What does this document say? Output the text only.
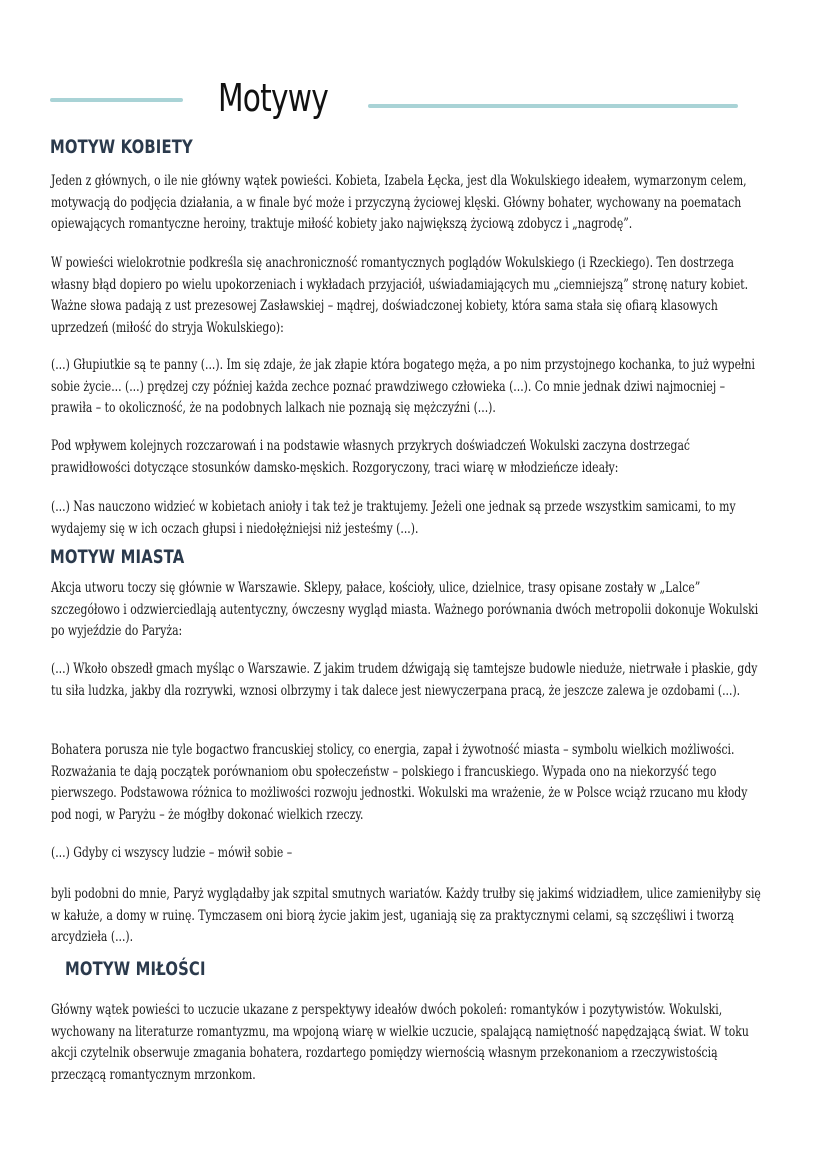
Motywy
MOTYW KOBIETY

Jeden z głównych, o ile nie główny wątek powieści. Kobieta, Izabela Łęcka, jest dla Wokulskiego ideałem, wymarzonym celem, motywacją do podjęcia działania, a w finale być może i przyczyną życiowej klęski. Główny bohater, wychowany na poematach opiewających romantyczne heroiny, traktuje miłość kobiety jako największą życiową zdobycz i „nagrodę”.

W powieści wielokrotnie podkreśla się anachroniczność romantycznych poglądów Wokulskiego (i Rzeckiego). Ten dostrzega własny błąd dopiero po wielu upokorzeniach i wykładach przyjaciół, uświadamiających mu „ciemniejszą” stronę natury kobiet. Ważne słowa padają z ust prezesowej Zasławskiej – mądrej, doświadczonej kobiety, która sama stała się ofiarą klasowych uprzedzeń (miłość do stryja Wokulskiego):

(...) Głupiutkie są te panny (...). Im się zdaje, że jak złapie która bogatego męża, a po nim przystojnego kochanka, to już wypełni sobie życie... (...) prędzej czy później każda zechce poznać prawdziwego człowieka (...). Co mnie jednak dziwi najmocniej – prawiła – to okoliczność, że na podobnych lalkach nie poznają się mężczyźni (...).

Pod wpływem kolejnych rozczarowań i na podstawie własnych przykrych doświadczeń Wokulski zaczyna dostrzegać prawidłowości dotyczące stosunków damsko-męskich. Rozgoryczony, traci wiarę w młodzieńcze ideały:

(...) Nas nauczono widzieć w kobietach anioły i tak też je traktujemy. Jeżeli one jednak są przede wszystkim samicami, to my wydajemy się w ich oczach głupsi i niedołężniejsi niż jesteśmy (...).

MOTYW MIASTA

Akcja utworu toczy się głównie w Warszawie. Sklepy, pałace, kościoły, ulice, dzielnice, trasy opisane zostały w „Lalce” szczegółowo i odzwierciedlają autentyczny, ówczesny wygląd miasta. Ważnego porównania dwóch metropolii dokonuje Wokulski po wyjeździe do Paryża:

(...) Wkoło obszedł gmach myśląc o Warszawie. Z jakim trudem dźwigają się tamtejsze budowle nieduże, nietrwałe i płaskie, gdy tu siła ludzka, jakby dla rozrywki, wznosi olbrzymy i tak dalece jest niewyczerpana pracą, że jeszcze zalewa je ozdobami (...).

Bohatera porusza nie tyle bogactwo francuskiej stolicy, co energia, zapał i żywotność miasta – symbolu wielkich możliwości. Rozważania te dają początek porównaniom obu społeczeństw – polskiego i francuskiego. Wypada ono na niekorzyść tego pierwszego. Podstawowa różnica to możliwości rozwoju jednostki. Wokulski ma wrażenie, że w Polsce wciąż rzucano mu kłody pod nogi, w Paryżu – że mógłby dokonać wielkich rzeczy.

(...) Gdyby ci wszyscy ludzie – mówił sobie –

byli podobni do mnie, Paryż wyglądałby jak szpital smutnych wariatów. Każdy trułby się jakimś widziadłem, ulice zamieniłyby się w kałuże, a domy w ruinę. Tymczasem oni biorą życie jakim jest, uganiają się za praktycznymi celami, są szczęśliwi i tworzą arcydzieła (...).

MOTYW MIŁOŚCI

Główny wątek powieści to uczucie ukazane z perspektywy ideałów dwóch pokoleń: romantyków i pozytywistów. Wokulski, wychowany na literaturze romantyzmu, ma wpojoną wiarę w wielkie uczucie, spalającą namiętność napędzającą świat. W toku akcji czytelnik obserwuje zmagania bohatera, rozdartego pomiędzy wiernością własnym przekonaniom a rzeczywistością przeczącą romantycznym mrzonkom.
